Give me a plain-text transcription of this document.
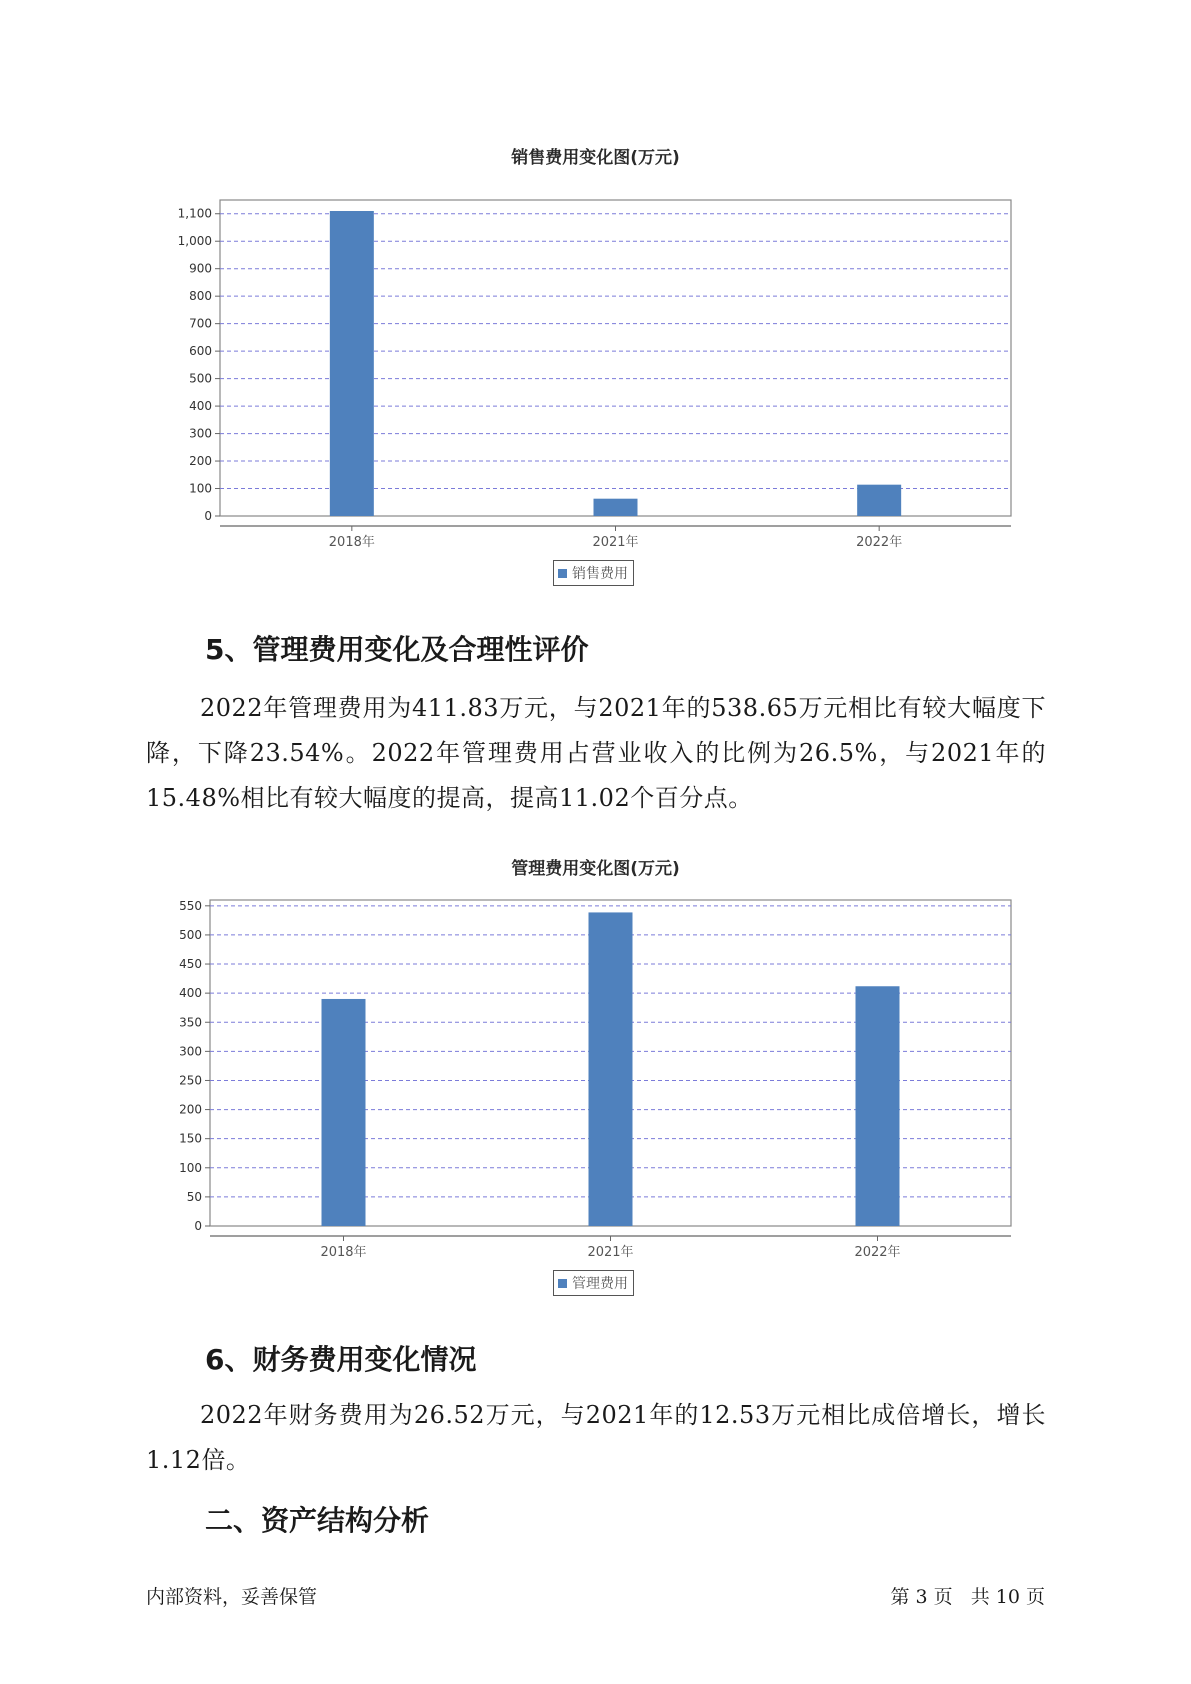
销售费用变化图(万元)
0
100
200
300
400
500
600
700
800
900
1,000
1,100
2018年	2021年	2022年
销售费用
5、管理费用变化及合理性评价

2022年管理费用为411.83万元，与2021年的538.65万元相比有较大幅度下降，下降23.54%。2022年管理费用占营业收入的比例为26.5%，与2021年的15.48%相比有较大幅度的提高，提高11.02个百分点。

管理费用变化图(万元)
0
50
100
150
200
250
300
350
400
450
500
550
2018年	2021年	2022年
管理费用
6、财务费用变化情况

2022年财务费用为26.52万元，与2021年的12.53万元相比成倍增长，增长1.12倍。

二、资产结构分析
内部资料，妥善保管	第 3 页   共 10 页
